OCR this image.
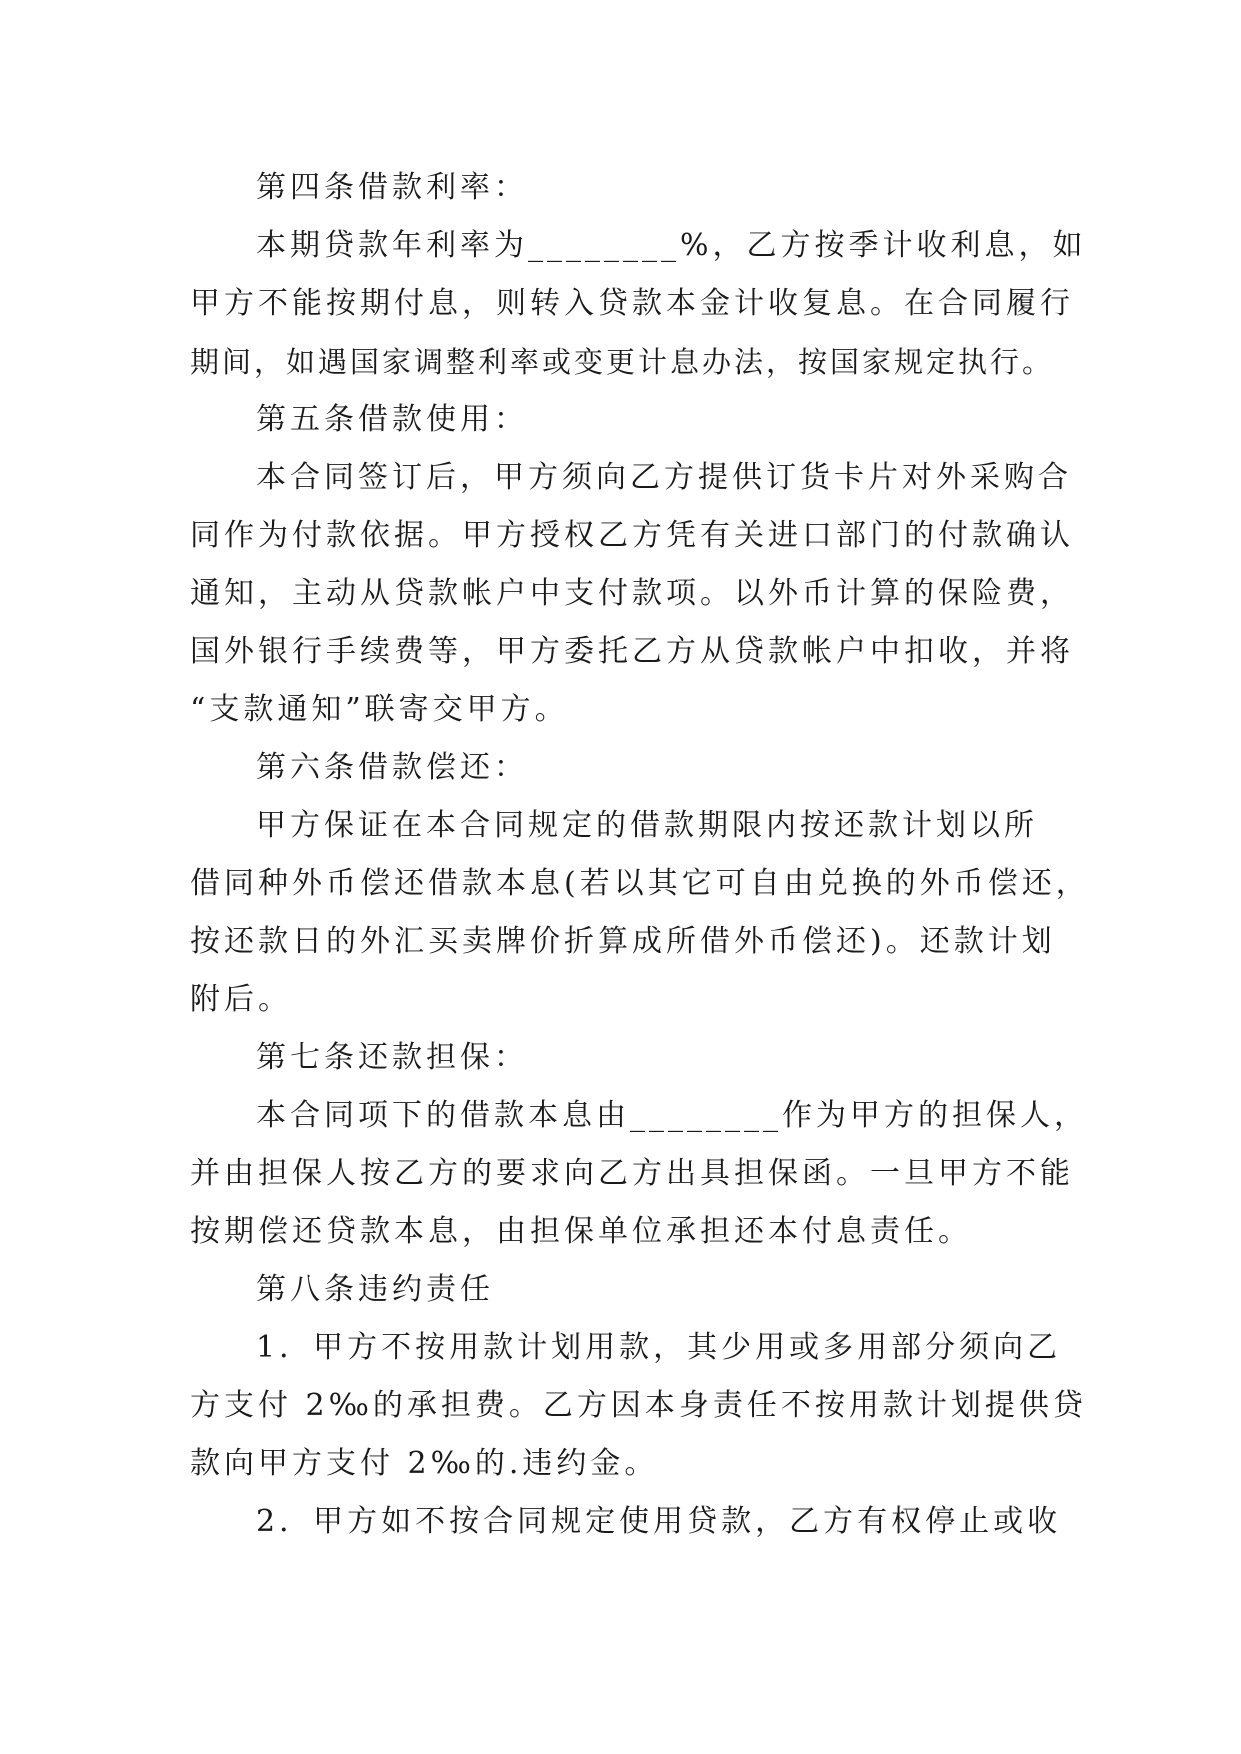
第四条借款利率：
本期贷款年利率为________%，乙方按季计收利息，如
甲方不能按期付息，则转入贷款本金计收复息。在合同履行
期间，如遇国家调整利率或变更计息办法，按国家规定执行。
第五条借款使用：
本合同签订后，甲方须向乙方提供订货卡片对外采购合
同作为付款依据。甲方授权乙方凭有关进口部门的付款确认
通知，主动从贷款帐户中支付款项。以外币计算的保险费，
国外银行手续费等，甲方委托乙方从贷款帐户中扣收，并将
“支款通知”联寄交甲方。
第六条借款偿还：
甲方保证在本合同规定的借款期限内按还款计划以所
借同种外币偿还借款本息(若以其它可自由兑换的外币偿还，
按还款日的外汇买卖牌价折算成所借外币偿还)。还款计划
附后。
第七条还款担保：
本合同项下的借款本息由________作为甲方的担保人，
并由担保人按乙方的要求向乙方出具担保函。一旦甲方不能
按期偿还贷款本息，由担保单位承担还本付息责任。
第八条违约责任
1．甲方不按用款计划用款，其少用或多用部分须向乙
方支付 2‰的承担费。乙方因本身责任不按用款计划提供贷
款向甲方支付 2‰的.违约金。
2．甲方如不按合同规定使用贷款，乙方有权停止或收
